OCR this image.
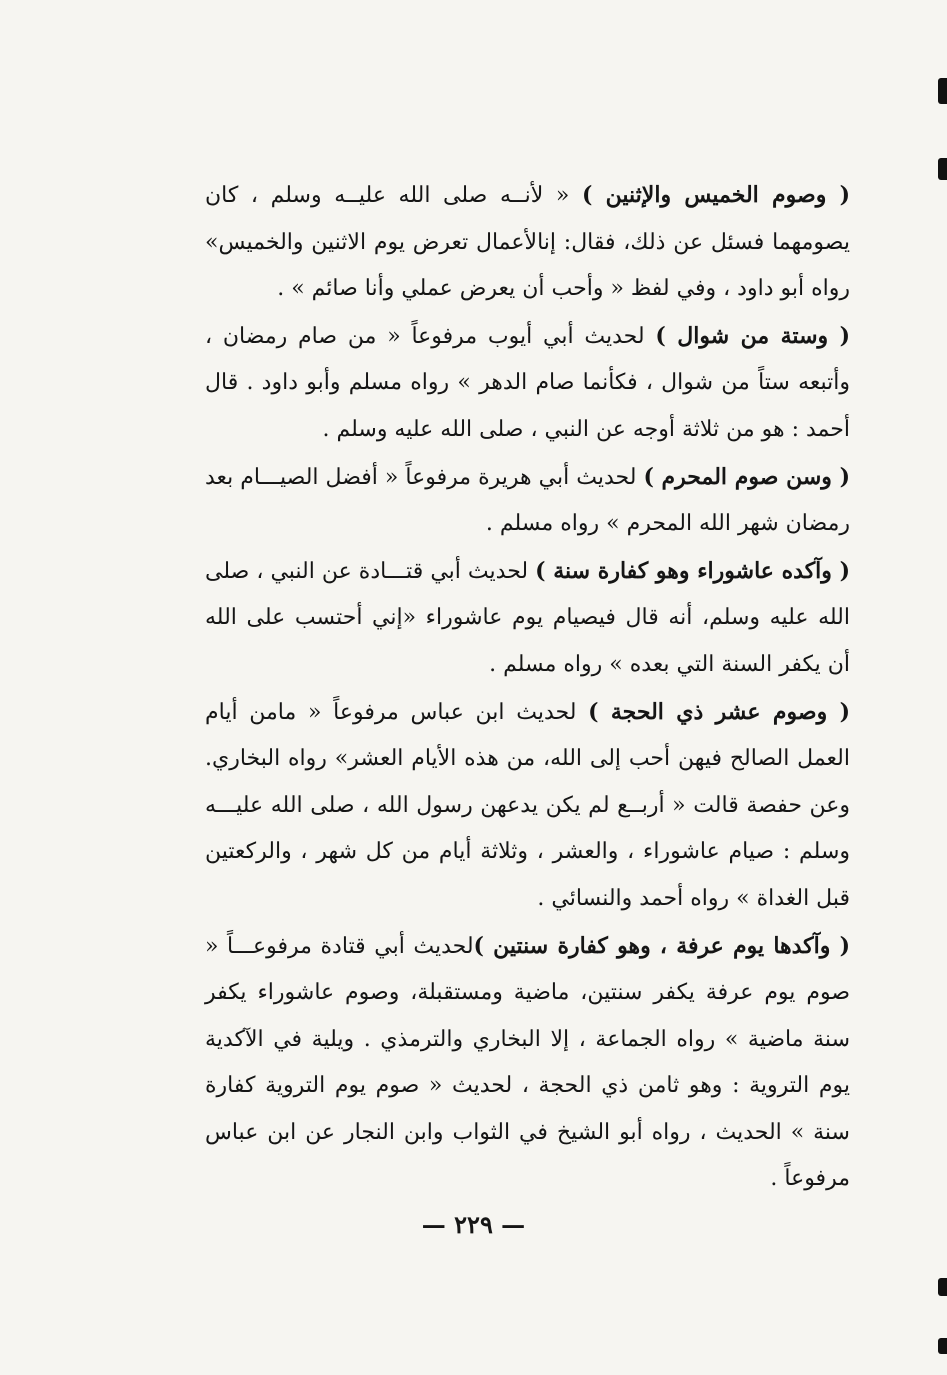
( وصوم الخميس والإثنين ) « لأنــه صلى الله عليــه وسلم ، كان يصومهما فسئل عن ذلك، فقال: إنالأعمال تعرض يوم الاثنين والخميس» رواه أبو داود ، وفي لفظ « وأحب أن يعرض عملي وأنا صائم » .

( وستة من شوال ) لحديث أبي أيوب مرفوعاً « من صام رمضان ، وأتبعه ستاً من شوال ، فكأنما صام الدهر » رواه مسلم وأبو داود . قال أحمد : هو من ثلاثة أوجه عن النبي ، صلى الله عليه وسلم .

( وسن صوم المحرم ) لحديث أبي هريرة مرفوعاً « أفضل الصيـــام بعد رمضان شهر الله المحرم » رواه مسلم .

( وآكده عاشوراء وهو كفارة سنة ) لحديث أبي قتـــادة عن النبي ، صلى الله عليه وسلم، أنه قال فيصيام يوم عاشوراء «إني أحتسب على الله أن يكفر السنة التي بعده » رواه مسلم .

( وصوم عشر ذي الحجة ) لحديث ابن عباس مرفوعاً « مامن أيام العمل الصالح فيهن أحب إلى الله، من هذه الأيام العشر» رواه البخاري. وعن حفصة قالت « أربــع لم يكن يدعهن رسول الله ، صلى الله عليـــه وسلم : صيام عاشوراء ، والعشر ، وثلاثة أيام من كل شهر ، والركعتين قبل الغداة » رواه أحمد والنسائي .

( وآكدها يوم عرفة ، وهو كفارة سنتين )لحديث أبي قتادة مرفوعـــاً « صوم يوم عرفة يكفر سنتين، ماضية ومستقبلة، وصوم عاشوراء يكفر سنة ماضية » رواه الجماعة ، إلا البخاري والترمذي . ويلية في الآكدية يوم التروية : وهو ثامن ذي الحجة ، لحديث « صوم يوم التروية كفارة سنة » الحديث ، رواه أبو الشيخ في الثواب وابن النجار عن ابن عباس مرفوعاً .

— ٢٢٩ —
